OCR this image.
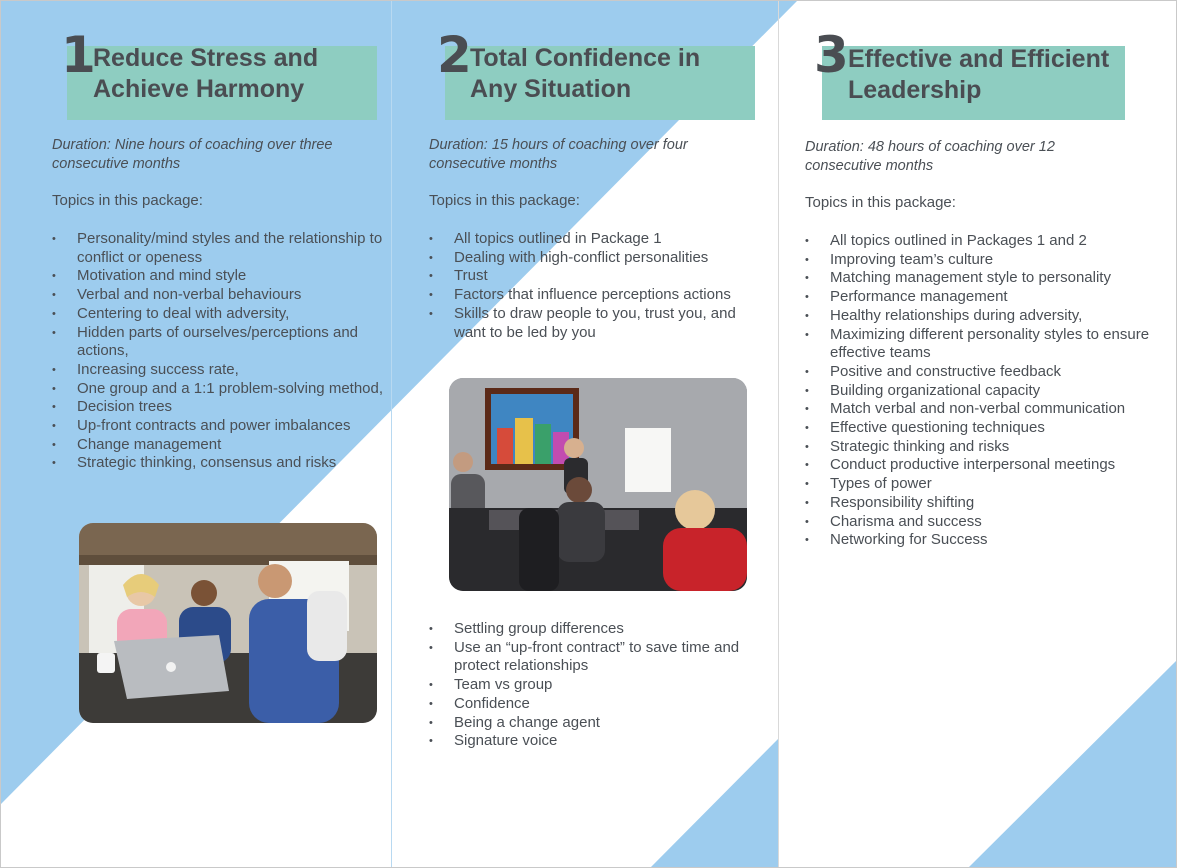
1
Reduce Stress and
Achieve Harmony

Duration: Nine hours of coaching over three consecutive months

Topics in this package:

• Personality/mind styles and the relationship to conflict or openess
• Motivation and mind style
• Verbal and non-verbal behaviours
• Centering to deal with adversity,
• Hidden parts of ourselves/perceptions and actions,
• Increasing success rate,
• One group and a 1:1 problem-solving method,
• Decision trees
• Up-front contracts and power imbalances
• Change management
• Strategic thinking, consensus and risks
2
Total Confidence in
Any Situation

Duration: 15 hours of coaching over four consecutive months

Topics in this package:

• All topics outlined in Package 1
• Dealing with high-conflict personalities
• Trust
• Factors that influence perceptions actions
• Skills to draw people to you, trust you, and want to be led by you
• Settling group differences
• Use an “up-front contract” to save time and protect relationships
• Team vs group
• Confidence
• Being a change agent
• Signature voice
3 Effective and Efficient
Leadership

Duration: 48 hours of coaching over 12 consecutive months

Topics in this package:

• All topics outlined in Packages 1 and 2
• Improving team’s culture
• Matching management style to personality
• Performance management
• Healthy relationships during adversity,
• Maximizing different personality styles to ensure effective teams
• Positive and constructive feedback
• Building organizational capacity
• Match verbal and non-verbal communication
• Effective questioning techniques
• Strategic thinking and risks
• Conduct productive interpersonal meetings
• Types of power
• Responsibility shifting
• Charisma and success
• Networking for Success
